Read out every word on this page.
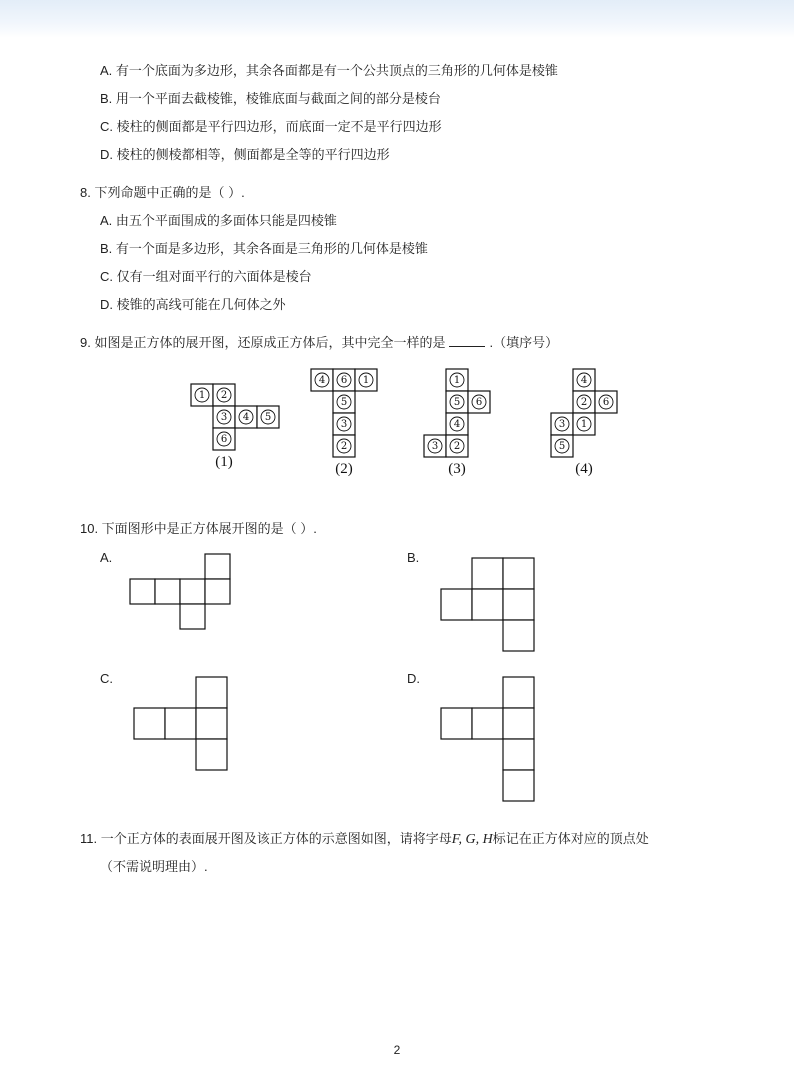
A. 有一个底面为多边形，其余各面都是有一个公共顶点的三角形的几何体是棱锥
B. 用一个平面去截棱锥，棱锥底面与截面之间的部分是棱台
C. 棱柱的侧面都是平行四边形，而底面一定不是平行四边形
D. 棱柱的侧棱都相等，侧面都是全等的平行四边形
8. 下列命题中正确的是（ ）.
A. 由五个平面围成的多面体只能是四棱锥
B. 有一个面是多边形，其余各面是三角形的几何体是棱锥
C. 仅有一组对面平行的六面体是棱台
D. 棱锥的高线可能在几何体之外
9. 如图是正方体的展开图，还原成正方体后，其中完全一样的是	.（填序号）
1 2
3 4 5
6
(1)
4 6 1
5
3
2
(2)
1
5 6
4
3 2
(3)
4
2 6
3 1
5
(4)
10. 下面图形中是正方体展开图的是（ ）.
A.	B.
C.	D.
11. 一个正方体的表面展开图及该正方体的示意图如图，请将字母F, G, H标记在正方体对应的顶点处
（不需说明理由）.
2
